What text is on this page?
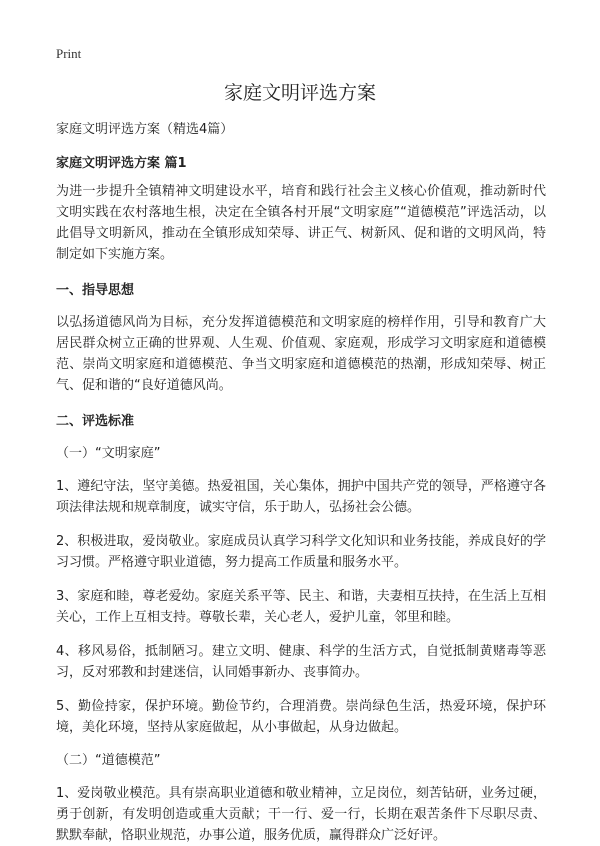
Print
家庭文明评选方案

家庭文明评选方案（精选4篇）

家庭文明评选方案 篇1

为进一步提升全镇精神文明建设水平，培育和践行社会主义核心价值观，推动新时代文明实践在农村落地生根，决定在全镇各村开展“文明家庭”“道德模范”评选活动，以此倡导文明新风，推动在全镇形成知荣辱、讲正气、树新风、促和谐的文明风尚，特制定如下实施方案。

一、指导思想

以弘扬道德风尚为目标，充分发挥道德模范和文明家庭的榜样作用，引导和教育广大居民群众树立正确的世界观、人生观、价值观、家庭观，形成学习文明家庭和道德模范、崇尚文明家庭和道德模范、争当文明家庭和道德模范的热潮，形成知荣辱、树正气、促和谐的“良好道德风尚。

二、评选标准

（一）“文明家庭”

1、遵纪守法，坚守美德。热爱祖国，关心集体，拥护中国共产党的领导，严格遵守各项法律法规和规章制度，诚实守信，乐于助人，弘扬社会公德。

2、积极进取，爱岗敬业。家庭成员认真学习科学文化知识和业务技能，养成良好的学习习惯。严格遵守职业道德，努力提高工作质量和服务水平。

3、家庭和睦，尊老爱幼。家庭关系平等、民主、和谐，夫妻相互扶持，在生活上互相关心，工作上互相支持。尊敬长辈，关心老人，爱护儿童，邻里和睦。

4、移风易俗，抵制陋习。建立文明、健康、科学的生活方式，自觉抵制黄赌毒等恶习，反对邪教和封建迷信，认同婚事新办、丧事简办。

5、勤俭持家，保护环境。勤俭节约，合理消费。崇尚绿色生活，热爱环境，保护环境，美化环境，坚持从家庭做起，从小事做起，从身边做起。

（二）“道德模范”

1、爱岗敬业模范。具有崇高职业道德和敬业精神，立足岗位，刻苦钻研，业务过硬，勇于创新，有发明创造或重大贡献；干一行、爱一行，长期在艰苦条件下尽职尽责、默默奉献，恪职业规范，办事公道，服务优质，赢得群众广泛好评。
